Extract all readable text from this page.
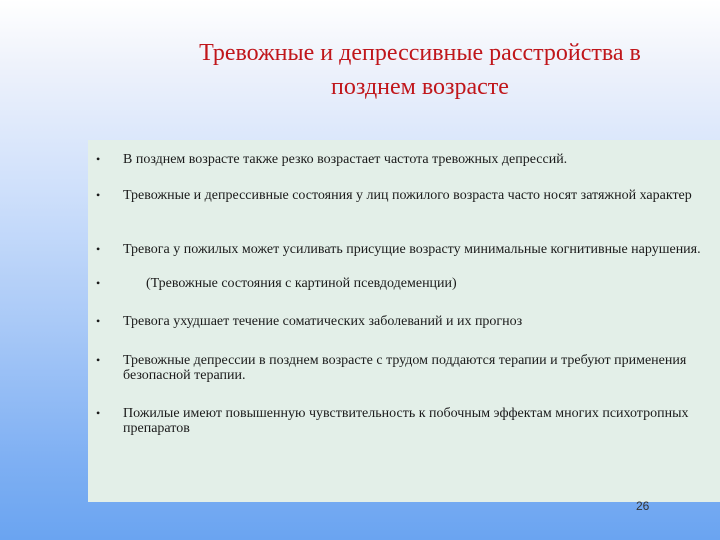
Тревожные и депрессивные расстройства в
позднем возрасте
• В позднем возрасте также резко возрастает частота тревожных депрессий.
• Тревожные и депрессивные состояния у лиц пожилого возраста часто носят затяжной характер
• Тревога у пожилых может усиливать присущие возрасту минимальные когнитивные нарушения.
•	(Тревожные состояния с картиной псевдодеменции)
• Тревога ухудшает течение соматических заболеваний и их прогноз
• Тревожные депрессии в позднем возрасте с трудом поддаются терапии и требуют применения безопасной терапии.
• Пожилые имеют повышенную чувствительность к побочным эффектам многих психотропных препаратов
26
